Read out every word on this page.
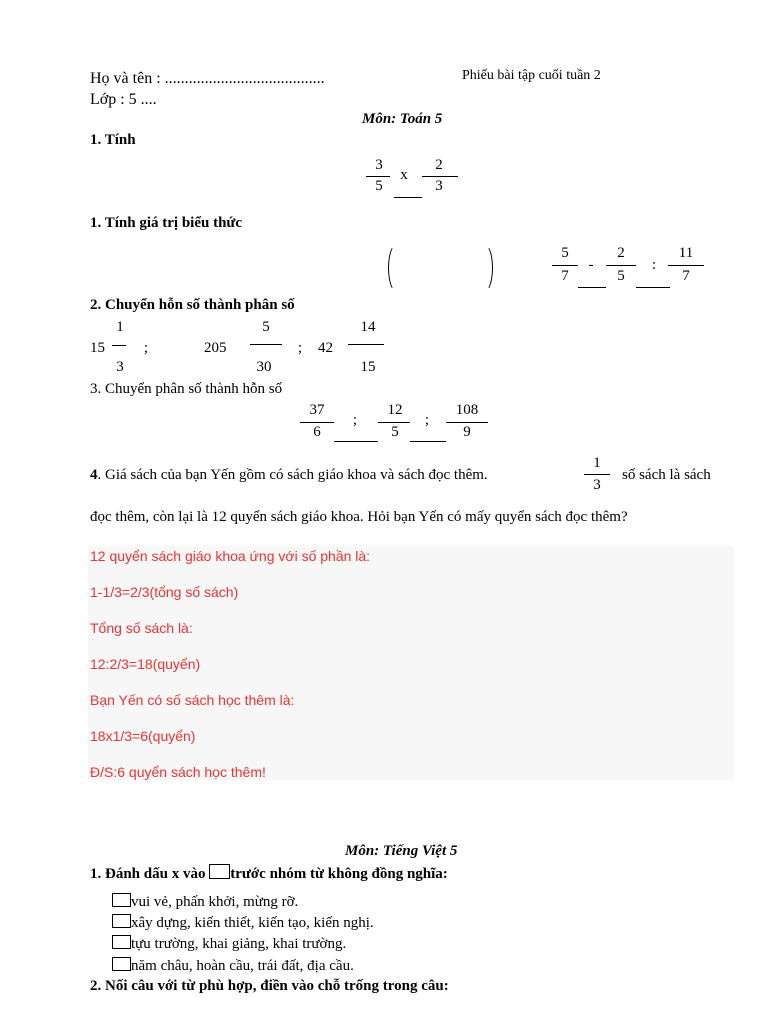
Họ và tên : ........................................
Lớp : 5 ....
Phiếu bài tập cuối tuần 2
Môn: Toán 5
1. Tính
3
5
x
2
3
1. Tính giá trị biểu thức
5
7
-
2
5
:
11
7
2. Chuyển hỗn số thành phân số
15
1
3
;	205
5
30
; 42
14
15
3. Chuyển phân số thành hỗn số
37
6
;
12
5
;
108
9
4. Giá sách của bạn Yến gồm có sách giáo khoa và sách đọc thêm.
1
3
số sách là sách
đọc thêm, còn lại là 12 quyển sách giáo khoa. Hỏi bạn Yến có mấy quyển sách đọc thêm?
12 quyển sách giáo khoa ứng với số phần là:
1-1/3=2/3(tổng số sách)
Tổng số sách là:
12:2/3=18(quyển)
Bạn Yến có số sách học thêm là:
18x1/3=6(quyển)
Đ/S:6 quyển sách học thêm!
Môn: Tiếng Việt 5
1. Đánh dấu x vào trước nhóm từ không đồng nghĩa:
vui vẻ, phấn khởi, mừng rỡ.
xây dựng, kiến thiết, kiến tạo, kiến nghị.
tựu trường, khai giảng, khai trường.
năm châu, hoàn cầu, trái đất, địa cầu.
2. Nối câu với từ phù hợp, điền vào chỗ trống trong câu:
